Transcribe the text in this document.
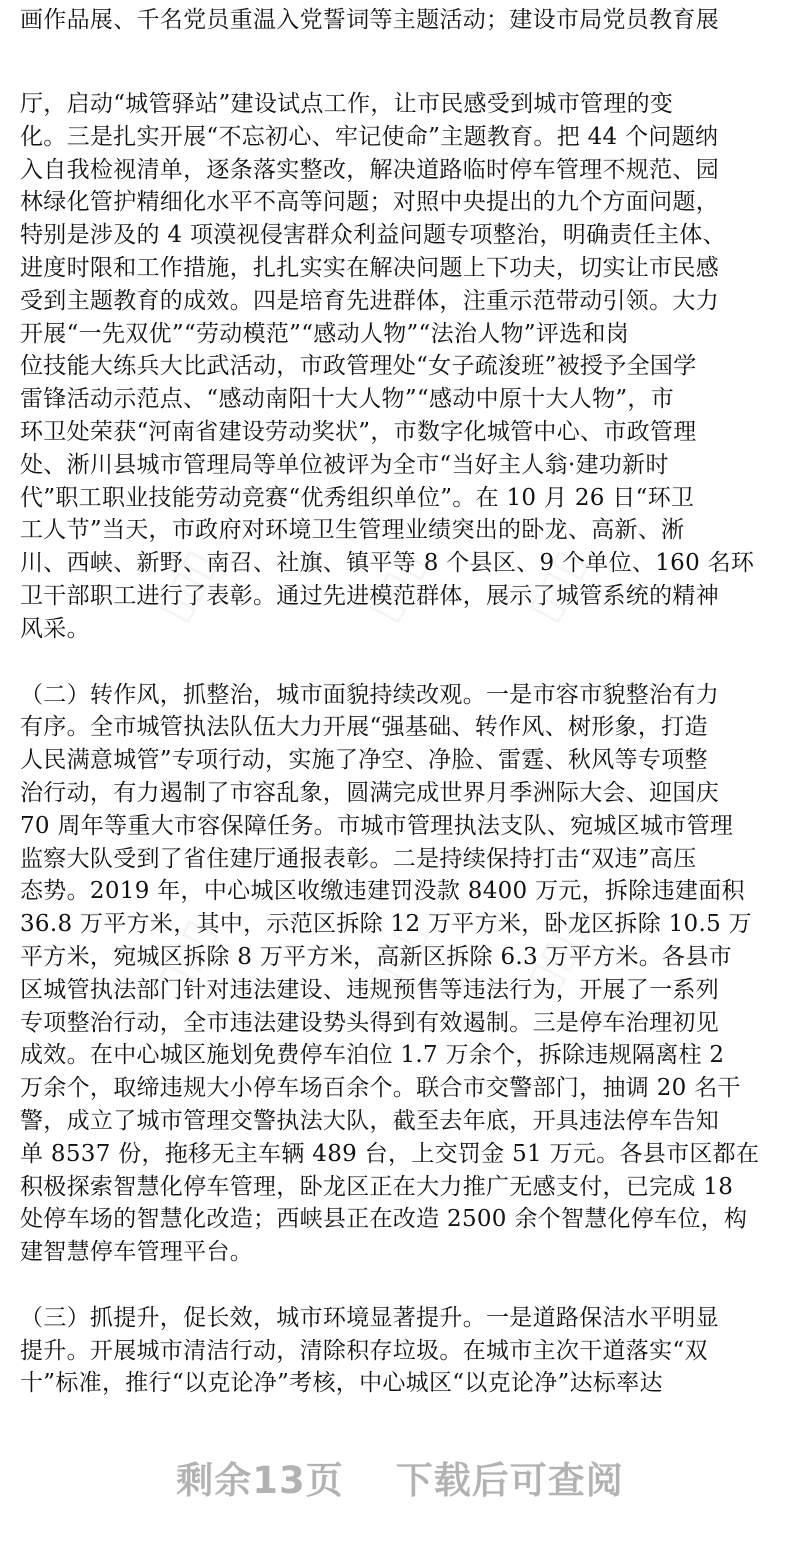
▯▯▯	▯▯▯ ▯▯▯
▯▯▯	▯▯▯ ▯▯▯
画作品展、千名党员重温入党誓词等主题活动；建设市局党员教育展

厅，启动“城管驿站”建设试点工作，让市民感受到城市管理的变
化。三是扎实开展“不忘初心、牢记使命”主题教育。把 44 个问题纳
入自我检视清单，逐条落实整改，解决道路临时停车管理不规范、园
林绿化管护精细化水平不高等问题；对照中央提出的九个方面问题，
特别是涉及的 4 项漠视侵害群众利益问题专项整治，明确责任主体、
进度时限和工作措施，扎扎实实在解决问题上下功夫，切实让市民感
受到主题教育的成效。四是培育先进群体，注重示范带动引领。大力
开展“一先双优”“劳动模范”“感动人物”“法治人物”评选和岗
位技能大练兵大比武活动，市政管理处“女子疏浚班”被授予全国学
雷锋活动示范点、“感动南阳十大人物”“感动中原十大人物”，市
环卫处荣获“河南省建设劳动奖状”，市数字化城管中心、市政管理
处、淅川县城市管理局等单位被评为全市“当好主人翁·建功新时
代”职工职业技能劳动竞赛“优秀组织单位”。在 10 月 26 日“环卫
工人节”当天，市政府对环境卫生管理业绩突出的卧龙、高新、淅
川、西峡、新野、南召、社旗、镇平等 8 个县区、9 个单位、160 名环
卫干部职工进行了表彰。通过先进模范群体，展示了城管系统的精神
风采。

（二）转作风，抓整治，城市面貌持续改观。一是市容市貌整治有力
有序。全市城管执法队伍大力开展“强基础、转作风、树形象，打造
人民满意城管”专项行动，实施了净空、净脸、雷霆、秋风等专项整
治行动，有力遏制了市容乱象，圆满完成世界月季洲际大会、迎国庆
70 周年等重大市容保障任务。市城市管理执法支队、宛城区城市管理
监察大队受到了省住建厅通报表彰。二是持续保持打击“双违”高压
态势。2019 年，中心城区收缴违建罚没款 8400 万元，拆除违建面积
36.8 万平方米，其中，示范区拆除 12 万平方米，卧龙区拆除 10.5 万
平方米，宛城区拆除 8 万平方米，高新区拆除 6.3 万平方米。各县市
区城管执法部门针对违法建设、违规预售等违法行为，开展了一系列
专项整治行动，全市违法建设势头得到有效遏制。三是停车治理初见
成效。在中心城区施划免费停车泊位 1.7 万余个，拆除违规隔离柱 2
万余个，取缔违规大小停车场百余个。联合市交警部门，抽调 20 名干
警，成立了城市管理交警执法大队，截至去年底，开具违法停车告知
单 8537 份，拖移无主车辆 489 台，上交罚金 51 万元。各县市区都在
积极探索智慧化停车管理，卧龙区正在大力推广无感支付，已完成 18
处停车场的智慧化改造；西峡县正在改造 2500 余个智慧化停车位，构
建智慧停车管理平台。

（三）抓提升，促长效，城市环境显著提升。一是道路保洁水平明显
提升。开展城市清洁行动，清除积存垃圾。在城市主次干道落实“双
十”标准，推行“以克论净”考核，中心城区“以克论净”达标率达

剩余13页 下载后可查阅
